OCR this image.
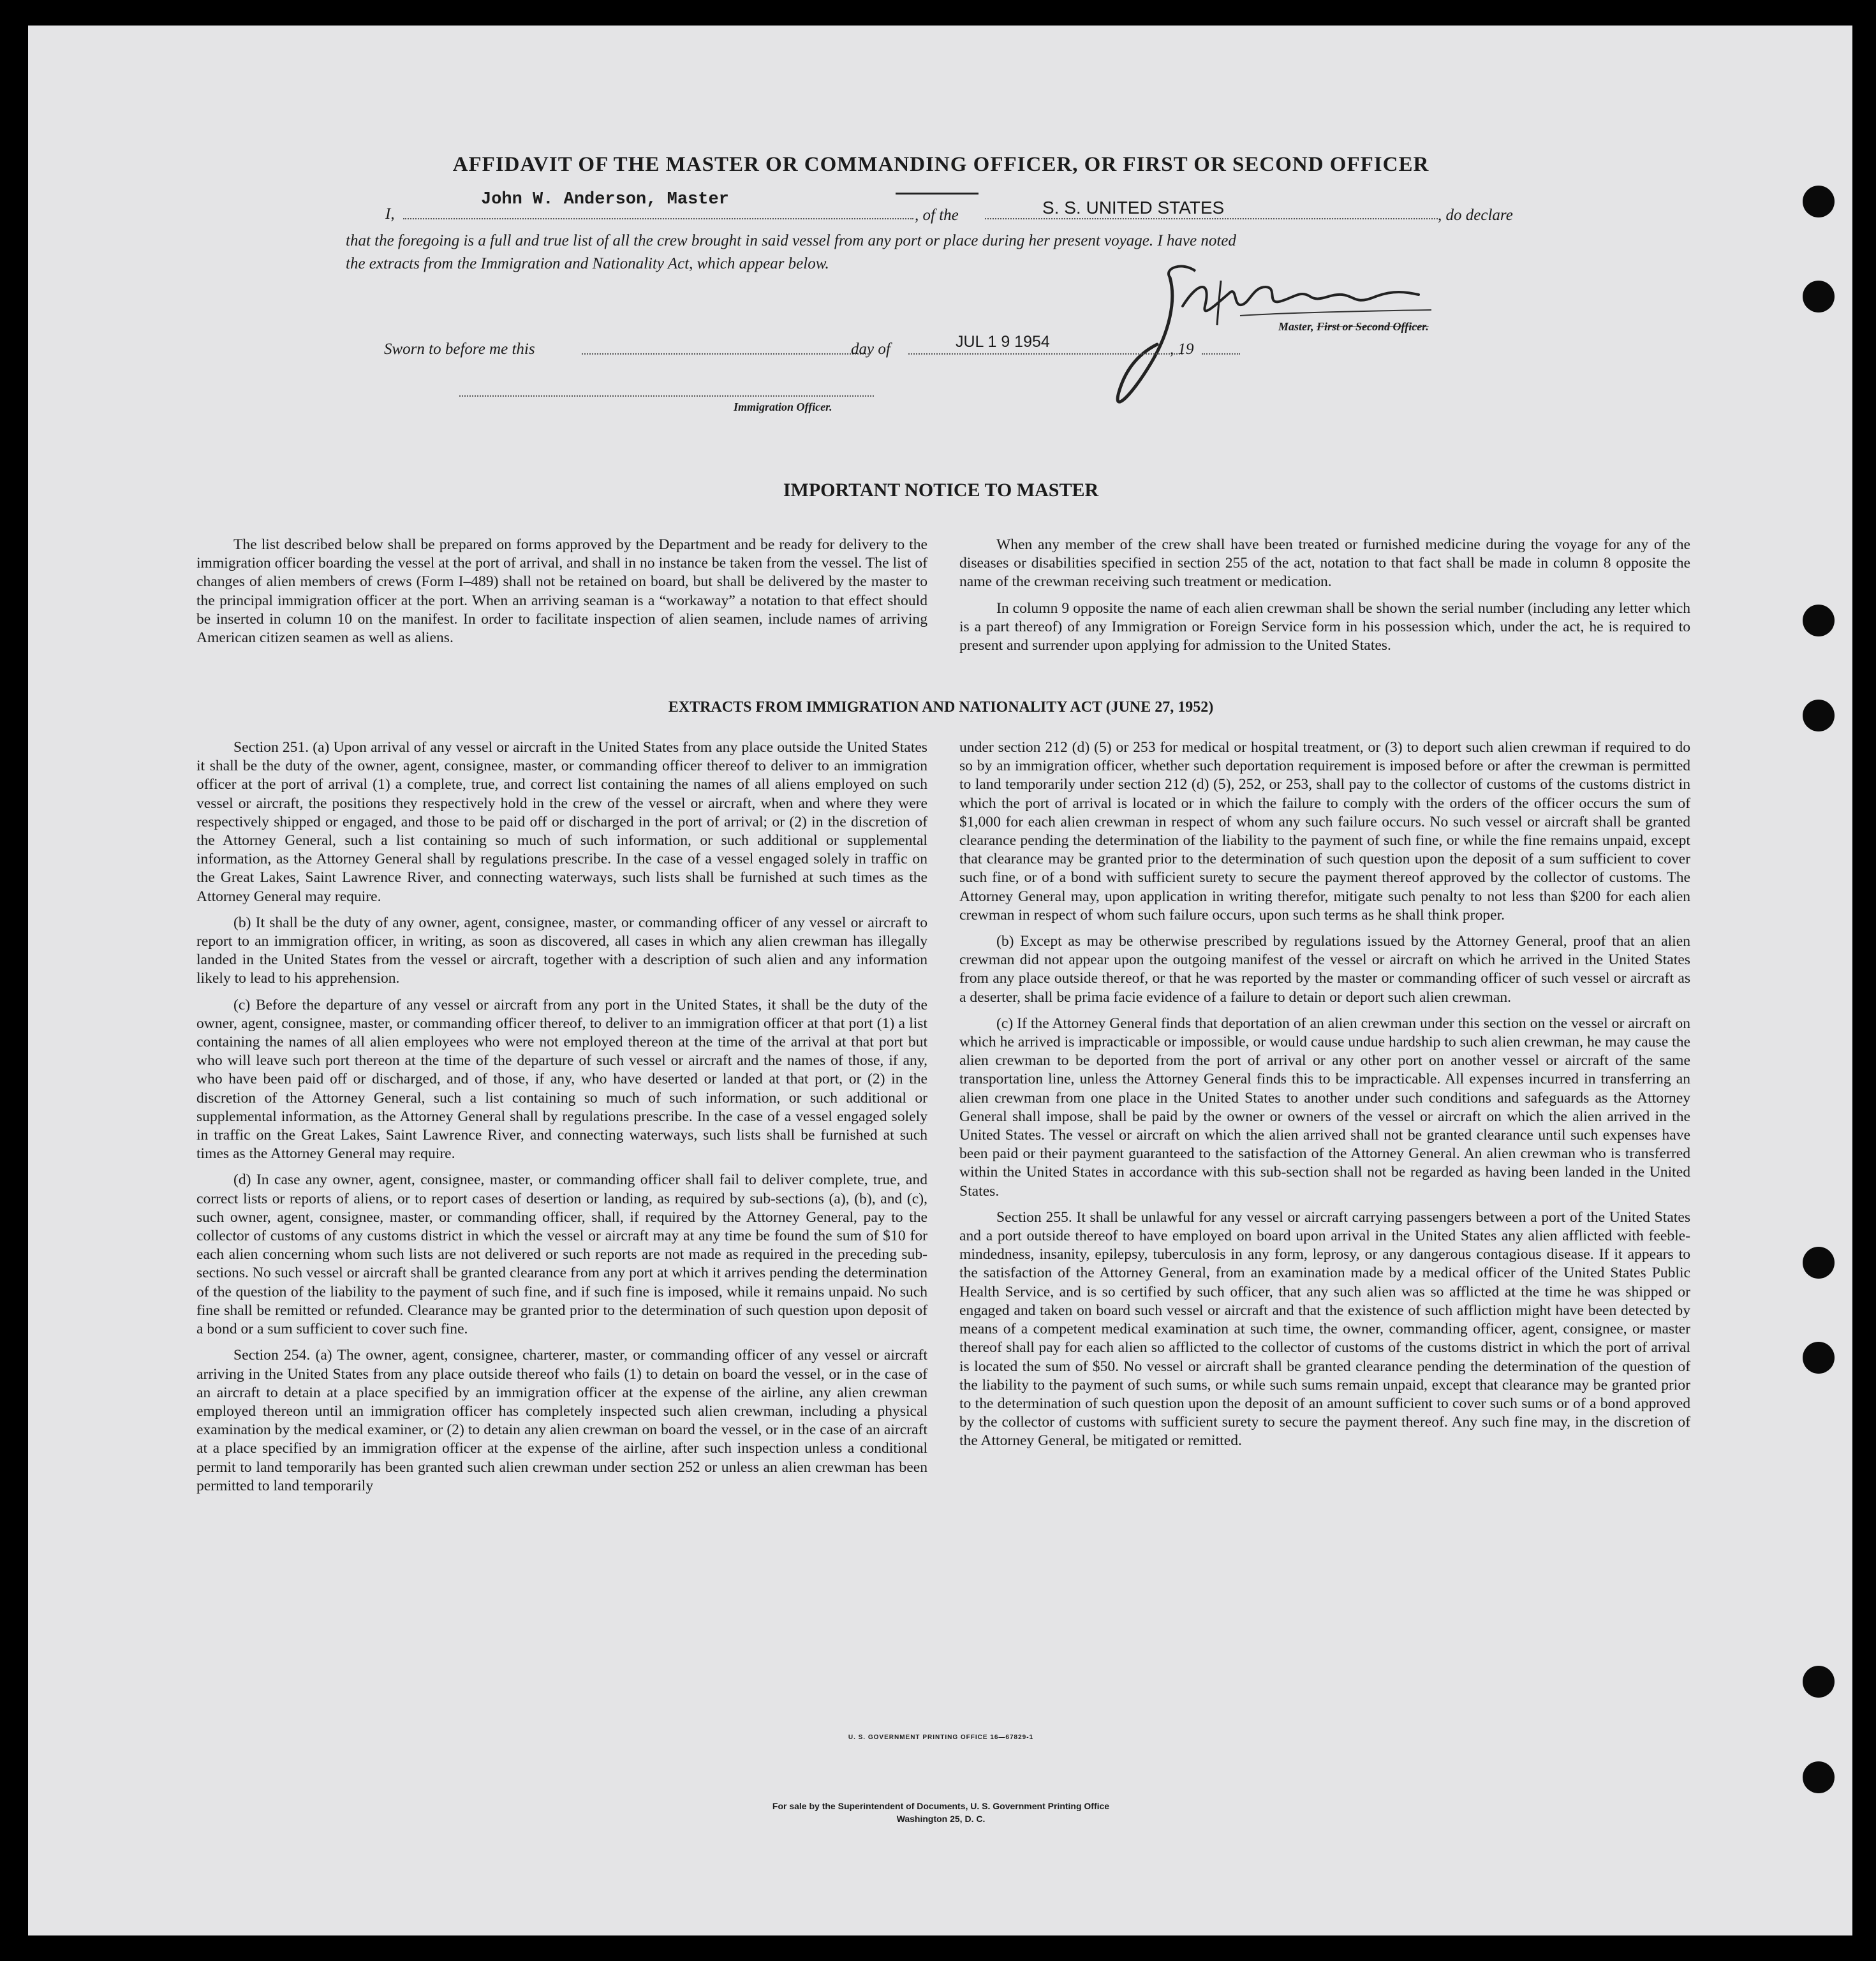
AFFIDAVIT OF THE MASTER OR COMMANDING OFFICER, OR FIRST OR SECOND OFFICER
I,
John W. Anderson, Master
, of the	S. S. UNITED STATES	, do declare
that the foregoing is a full and true list of all the crew brought in said vessel from any port or place during her present voyage. I have noted
the extracts from the Immigration and Nationality Act, which appear below.
Master, First or Second Officer.
Sworn to before me this	day of	JUL 1 9 1954	, 19
Immigration Officer.
IMPORTANT NOTICE TO MASTER

The list described below shall be prepared on forms approved by the Department and be ready for delivery to the immigration officer boarding the vessel at the port of arrival, and shall in no instance be taken from the vessel. The list of changes of alien members of crews (Form I–489) shall not be retained on board, but shall be delivered by the master to the principal immigration officer at the port. When an arriving seaman is a “workaway” a notation to that effect should be inserted in column 10 on the manifest. In order to facilitate inspection of alien seamen, include names of arriving American citizen seamen as well as aliens.

When any member of the crew shall have been treated or furnished medicine during the voyage for any of the diseases or disabilities specified in section 255 of the act, notation to that fact shall be made in column 8 opposite the name of the crewman receiving such treatment or medication.

In column 9 opposite the name of each alien crewman shall be shown the serial number (including any letter which is a part thereof) of any Immigration or Foreign Service form in his possession which, under the act, he is required to present and surrender upon applying for admission to the United States.

EXTRACTS FROM IMMIGRATION AND NATIONALITY ACT (JUNE 27, 1952)

Section 251. (a) Upon arrival of any vessel or aircraft in the United States from any place outside the United States it shall be the duty of the owner, agent, consignee, master, or commanding officer thereof to deliver to an immigration officer at the port of arrival (1) a complete, true, and correct list containing the names of all aliens employed on such vessel or aircraft, the positions they respectively hold in the crew of the vessel or aircraft, when and where they were respectively shipped or engaged, and those to be paid off or discharged in the port of arrival; or (2) in the discretion of the Attorney General, such a list containing so much of such information, or such additional or supplemental information, as the Attorney General shall by regulations prescribe. In the case of a vessel engaged solely in traffic on the Great Lakes, Saint Lawrence River, and connecting waterways, such lists shall be furnished at such times as the Attorney General may require.

(b) It shall be the duty of any owner, agent, consignee, master, or commanding officer of any vessel or aircraft to report to an immigration officer, in writing, as soon as discovered, all cases in which any alien crewman has illegally landed in the United States from the vessel or aircraft, together with a description of such alien and any information likely to lead to his apprehension.

(c) Before the departure of any vessel or aircraft from any port in the United States, it shall be the duty of the owner, agent, consignee, master, or commanding officer thereof, to deliver to an immigration officer at that port (1) a list containing the names of all alien employees who were not employed thereon at the time of the arrival at that port but who will leave such port thereon at the time of the departure of such vessel or aircraft and the names of those, if any, who have been paid off or discharged, and of those, if any, who have deserted or landed at that port, or (2) in the discretion of the Attorney General, such a list containing so much of such information, or such additional or supplemental information, as the Attorney General shall by regulations prescribe. In the case of a vessel engaged solely in traffic on the Great Lakes, Saint Lawrence River, and connecting waterways, such lists shall be furnished at such times as the Attorney General may require.

(d) In case any owner, agent, consignee, master, or commanding officer shall fail to deliver complete, true, and correct lists or reports of aliens, or to report cases of desertion or landing, as required by sub-sections (a), (b), and (c), such owner, agent, consignee, master, or commanding officer, shall, if required by the Attorney General, pay to the collector of customs of any customs district in which the vessel or aircraft may at any time be found the sum of $10 for each alien concerning whom such lists are not delivered or such reports are not made as required in the preceding sub-sections. No such vessel or aircraft shall be granted clearance from any port at which it arrives pending the determination of the question of the liability to the payment of such fine, and if such fine is imposed, while it remains unpaid. No such fine shall be remitted or refunded. Clearance may be granted prior to the determination of such question upon deposit of a bond or a sum sufficient to cover such fine.

Section 254. (a) The owner, agent, consignee, charterer, master, or commanding officer of any vessel or aircraft arriving in the United States from any place outside thereof who fails (1) to detain on board the vessel, or in the case of an aircraft to detain at a place specified by an immigration officer at the expense of the airline, any alien crewman employed thereon until an immigration officer has completely inspected such alien crewman, including a physical examination by the medical examiner, or (2) to detain any alien crewman on board the vessel, or in the case of an aircraft at a place specified by an immigration officer at the expense of the airline, after such inspection unless a conditional permit to land temporarily has been granted such alien crewman under section 252 or unless an alien crewman has been permitted to land temporarily

under section 212 (d) (5) or 253 for medical or hospital treatment, or (3) to deport such alien crewman if required to do so by an immigration officer, whether such deportation requirement is imposed before or after the crewman is permitted to land temporarily under section 212 (d) (5), 252, or 253, shall pay to the collector of customs of the customs district in which the port of arrival is located or in which the failure to comply with the orders of the officer occurs the sum of $1,000 for each alien crewman in respect of whom any such failure occurs. No such vessel or aircraft shall be granted clearance pending the determination of the liability to the payment of such fine, or while the fine remains unpaid, except that clearance may be granted prior to the determination of such question upon the deposit of a sum sufficient to cover such fine, or of a bond with sufficient surety to secure the payment thereof approved by the collector of customs. The Attorney General may, upon application in writing therefor, mitigate such penalty to not less than $200 for each alien crewman in respect of whom such failure occurs, upon such terms as he shall think proper.

(b) Except as may be otherwise prescribed by regulations issued by the Attorney General, proof that an alien crewman did not appear upon the outgoing manifest of the vessel or aircraft on which he arrived in the United States from any place outside thereof, or that he was reported by the master or commanding officer of such vessel or aircraft as a deserter, shall be prima facie evidence of a failure to detain or deport such alien crewman.

(c) If the Attorney General finds that deportation of an alien crewman under this section on the vessel or aircraft on which he arrived is impracticable or impossible, or would cause undue hardship to such alien crewman, he may cause the alien crewman to be deported from the port of arrival or any other port on another vessel or aircraft of the same transportation line, unless the Attorney General finds this to be impracticable. All expenses incurred in transferring an alien crewman from one place in the United States to another under such conditions and safeguards as the Attorney General shall impose, shall be paid by the owner or owners of the vessel or aircraft on which the alien arrived in the United States. The vessel or aircraft on which the alien arrived shall not be granted clearance until such expenses have been paid or their payment guaranteed to the satisfaction of the Attorney General. An alien crewman who is transferred within the United States in accordance with this sub-section shall not be regarded as having been landed in the United States.

Section 255. It shall be unlawful for any vessel or aircraft carrying passengers between a port of the United States and a port outside thereof to have employed on board upon arrival in the United States any alien afflicted with feeble-mindedness, insanity, epilepsy, tuberculosis in any form, leprosy, or any dangerous contagious disease. If it appears to the satisfaction of the Attorney General, from an examination made by a medical officer of the United States Public Health Service, and is so certified by such officer, that any such alien was so afflicted at the time he was shipped or engaged and taken on board such vessel or aircraft and that the existence of such affliction might have been detected by means of a competent medical examination at such time, the owner, commanding officer, agent, consignee, or master thereof shall pay for each alien so afflicted to the collector of customs of the customs district in which the port of arrival is located the sum of $50. No vessel or aircraft shall be granted clearance pending the determination of the question of the liability to the payment of such sums, or while such sums remain unpaid, except that clearance may be granted prior to the determination of such question upon the deposit of an amount sufficient to cover such sums or of a bond approved by the collector of customs with sufficient surety to secure the payment thereof. Any such fine may, in the discretion of the Attorney General, be mitigated or remitted.

U. S. GOVERNMENT PRINTING OFFICE 16—67829-1
For sale by the Superintendent of Documents, U. S. Government Printing Office
Washington 25, D. C.
